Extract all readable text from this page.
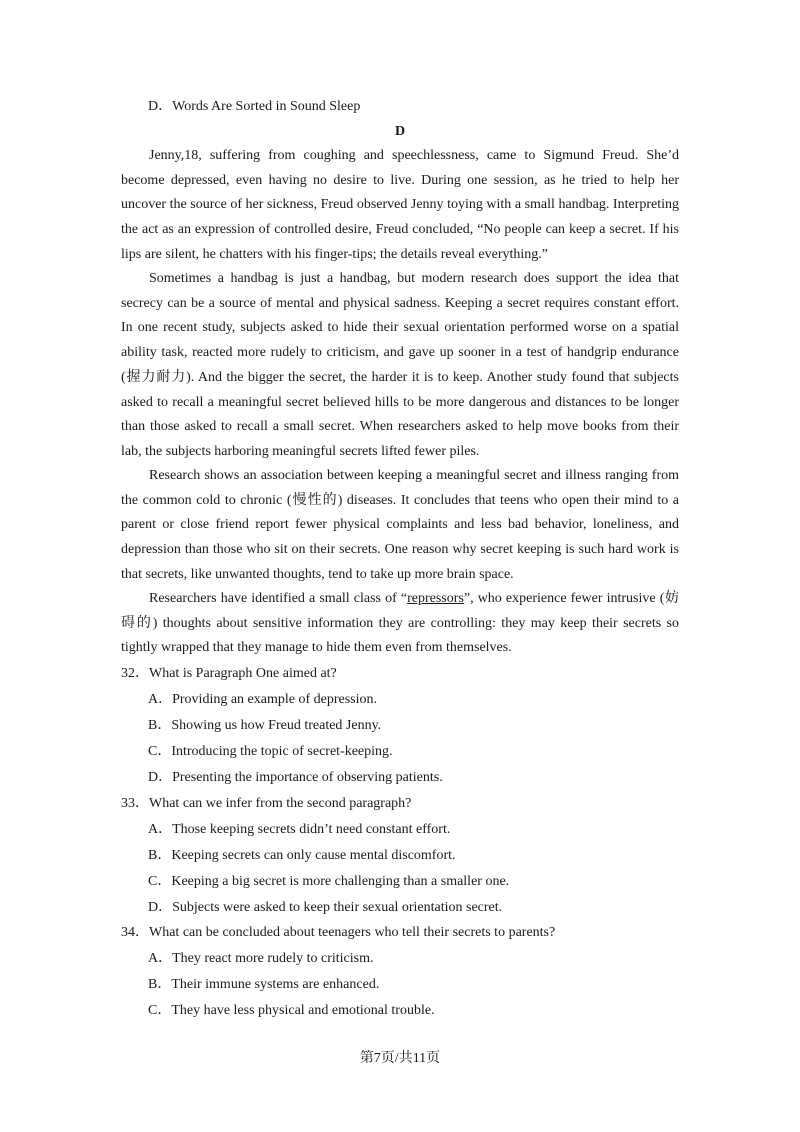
D．Words Are Sorted in Sound Sleep
D

Jenny,18, suffering from coughing and speechlessness, came to Sigmund Freud. She’d become depressed, even having no desire to live. During one session, as he tried to help her uncover the source of her sickness, Freud observed Jenny toying with a small handbag. Interpreting the act as an expression of controlled desire, Freud concluded, “No people can keep a secret. If his lips are silent, he chatters with his finger-tips; the details reveal everything.”

Sometimes a handbag is just a handbag, but modern research does support the idea that secrecy can be a source of mental and physical sadness. Keeping a secret requires constant effort. In one recent study, subjects asked to hide their sexual orientation performed worse on a spatial ability task, reacted more rudely to criticism, and gave up sooner in a test of handgrip endurance (握力耐力). And the bigger the secret, the harder it is to keep. Another study found that subjects asked to recall a meaningful secret believed hills to be more dangerous and distances to be longer than those asked to recall a small secret. When researchers asked to help move books from their lab, the subjects harboring meaningful secrets lifted fewer piles.

Research shows an association between keeping a meaningful secret and illness ranging from the common cold to chronic (慢性的) diseases. It concludes that teens who open their mind to a parent or close friend report fewer physical complaints and less bad behavior, loneliness, and depression than those who sit on their secrets. One reason why secret keeping is such hard work is that secrets, like unwanted thoughts, tend to take up more brain space.

Researchers have identified a small class of “repressors”, who experience fewer intrusive (妨碍的) thoughts about sensitive information they are controlling: they may keep their secrets so tightly wrapped that they manage to hide them even from themselves.

32．What is Paragraph One aimed at?
A．Providing an example of depression.
B．Showing us how Freud treated Jenny.
C．Introducing the topic of secret-keeping.
D．Presenting the importance of observing patients.
33．What can we infer from the second paragraph?
A．Those keeping secrets didn’t need constant effort.
B．Keeping secrets can only cause mental discomfort.
C．Keeping a big secret is more challenging than a smaller one.
D．Subjects were asked to keep their sexual orientation secret.
34．What can be concluded about teenagers who tell their secrets to parents?
A．They react more rudely to criticism.
B．Their immune systems are enhanced.
C．They have less physical and emotional trouble.
第7页/共11页
